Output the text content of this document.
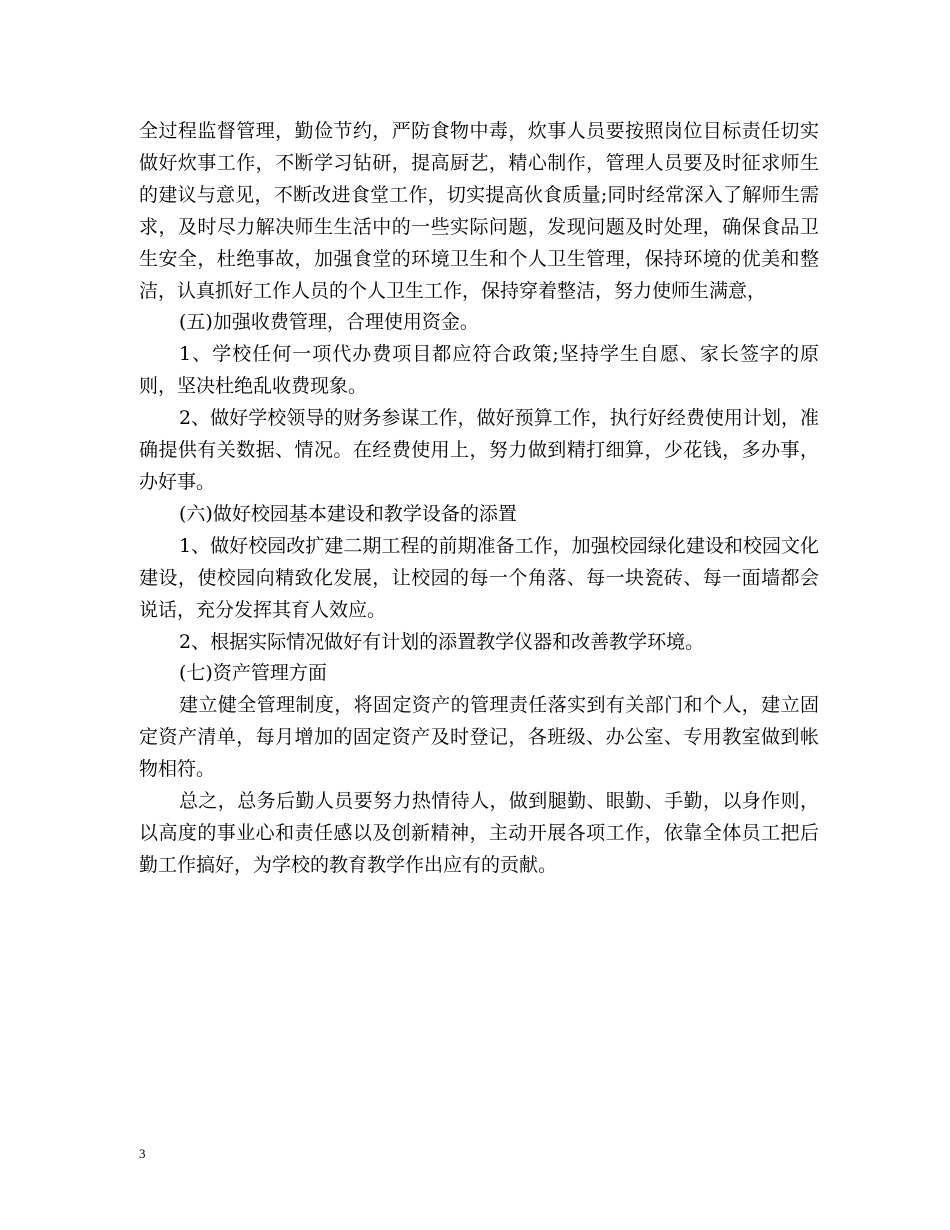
全过程监督管理，勤俭节约，严防食物中毒，炊事人员要按照岗位目标责任切实做好炊事工作，不断学习钻研，提高厨艺，精心制作，管理人员要及时征求师生的建议与意见，不断改进食堂工作，切实提高伙食质量;同时经常深入了解师生需求，及时尽力解决师生生活中的一些实际问题，发现问题及时处理，确保食品卫生安全，杜绝事故，加强食堂的环境卫生和个人卫生管理，保持环境的优美和整洁，认真抓好工作人员的个人卫生工作，保持穿着整洁，努力使师生满意，

(五)加强收费管理，合理使用资金。

1、学校任何一项代办费项目都应符合政策;坚持学生自愿、家长签字的原则，坚决杜绝乱收费现象。

2、做好学校领导的财务参谋工作，做好预算工作，执行好经费使用计划，准确提供有关数据、情况。在经费使用上，努力做到精打细算，少花钱，多办事，办好事。

(六)做好校园基本建设和教学设备的添置

1、做好校园改扩建二期工程的前期准备工作，加强校园绿化建设和校园文化建设，使校园向精致化发展，让校园的每一个角落、每一块瓷砖、每一面墙都会说话，充分发挥其育人效应。

2、根据实际情况做好有计划的添置教学仪器和改善教学环境。

(七)资产管理方面

建立健全管理制度，将固定资产的管理责任落实到有关部门和个人，建立固定资产清单，每月增加的固定资产及时登记，各班级、办公室、专用教室做到帐物相符。

总之，总务后勤人员要努力热情待人，做到腿勤、眼勤、手勤，以身作则，以高度的事业心和责任感以及创新精神，主动开展各项工作，依靠全体员工把后勤工作搞好，为学校的教育教学作出应有的贡献。

3
